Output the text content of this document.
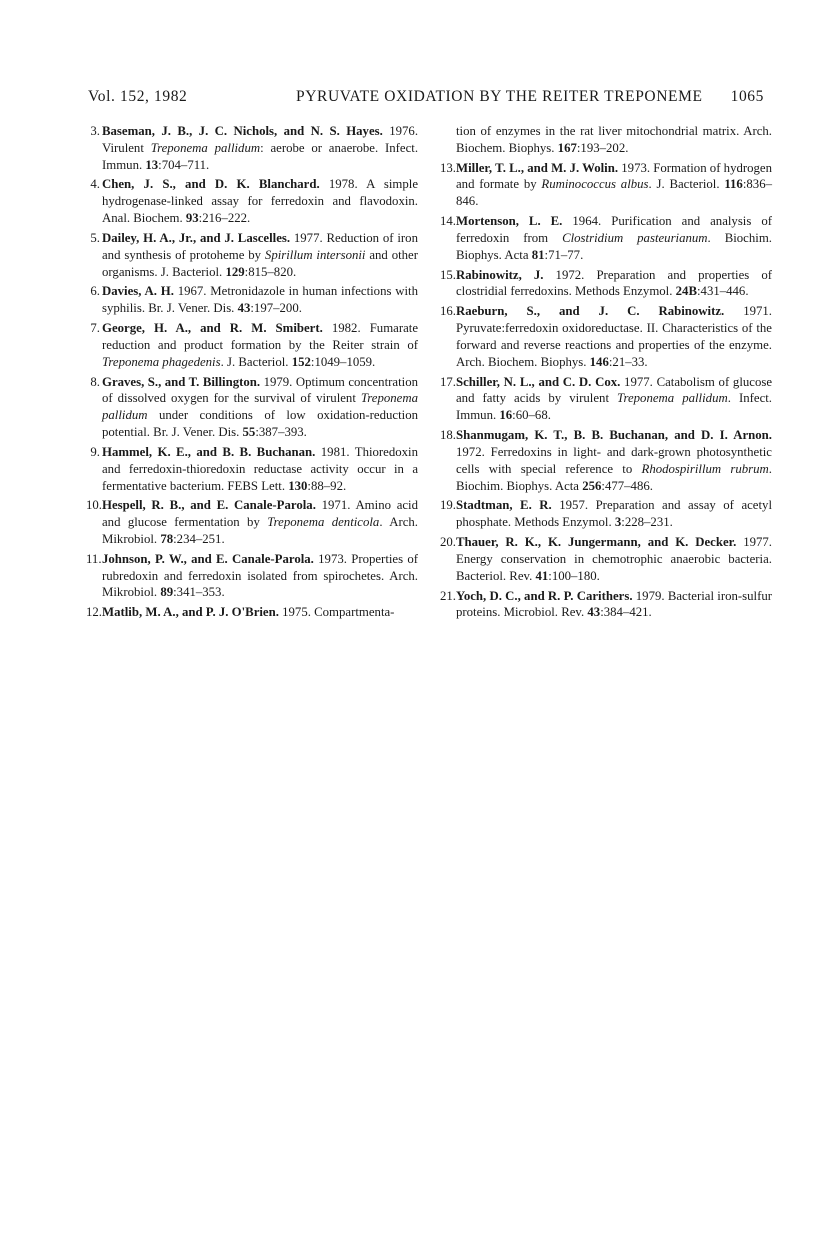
Vol. 152, 1982	PYRUVATE OXIDATION BY THE REITER TREPONEME 1065
3. Baseman, J. B., J. C. Nichols, and N. S. Hayes. 1976. Virulent Treponema pallidum: aerobe or anaerobe. Infect. Immun. 13:704–711.
4. Chen, J. S., and D. K. Blanchard. 1978. A simple hydrogenase-linked assay for ferredoxin and flavodoxin. Anal. Biochem. 93:216–222.
5. Dailey, H. A., Jr., and J. Lascelles. 1977. Reduction of iron and synthesis of protoheme by Spirillum intersonii and other organisms. J. Bacteriol. 129:815–820.
6. Davies, A. H. 1967. Metronidazole in human infections with syphilis. Br. J. Vener. Dis. 43:197–200.
7. George, H. A., and R. M. Smibert. 1982. Fumarate reduction and product formation by the Reiter strain of Treponema phagedenis. J. Bacteriol. 152:1049–1059.
8. Graves, S., and T. Billington. 1979. Optimum concentration of dissolved oxygen for the survival of virulent Treponema pallidum under conditions of low oxidation-reduction potential. Br. J. Vener. Dis. 55:387–393.
9. Hammel, K. E., and B. B. Buchanan. 1981. Thioredoxin and ferredoxin-thioredoxin reductase activity occur in a fermentative bacterium. FEBS Lett. 130:88–92.
10. Hespell, R. B., and E. Canale-Parola. 1971. Amino acid and glucose fermentation by Treponema denticola. Arch. Mikrobiol. 78:234–251.
11. Johnson, P. W., and E. Canale-Parola. 1973. Properties of rubredoxin and ferredoxin isolated from spirochetes. Arch. Mikrobiol. 89:341–353.
12. Matlib, M. A., and P. J. O'Brien. 1975. Compartmenta-
tion of enzymes in the rat liver mitochondrial matrix. Arch. Biochem. Biophys. 167:193–202.
13. Miller, T. L., and M. J. Wolin. 1973. Formation of hydrogen and formate by Ruminococcus albus. J. Bacteriol. 116:836–846.
14. Mortenson, L. E. 1964. Purification and analysis of ferredoxin from Clostridium pasteurianum. Biochim. Biophys. Acta 81:71–77.
15. Rabinowitz, J. 1972. Preparation and properties of clostridial ferredoxins. Methods Enzymol. 24B:431–446.
16. Raeburn, S., and J. C. Rabinowitz. 1971. Pyruvate:ferredoxin oxidoreductase. II. Characteristics of the forward and reverse reactions and properties of the enzyme. Arch. Biochem. Biophys. 146:21–33.
17. Schiller, N. L., and C. D. Cox. 1977. Catabolism of glucose and fatty acids by virulent Treponema pallidum. Infect. Immun. 16:60–68.
18. Shanmugam, K. T., B. B. Buchanan, and D. I. Arnon. 1972. Ferredoxins in light- and dark-grown photosynthetic cells with special reference to Rhodospirillum rubrum. Biochim. Biophys. Acta 256:477–486.
19. Stadtman, E. R. 1957. Preparation and assay of acetyl phosphate. Methods Enzymol. 3:228–231.
20. Thauer, R. K., K. Jungermann, and K. Decker. 1977. Energy conservation in chemotrophic anaerobic bacteria. Bacteriol. Rev. 41:100–180.
21. Yoch, D. C., and R. P. Carithers. 1979. Bacterial iron-sulfur proteins. Microbiol. Rev. 43:384–421.
